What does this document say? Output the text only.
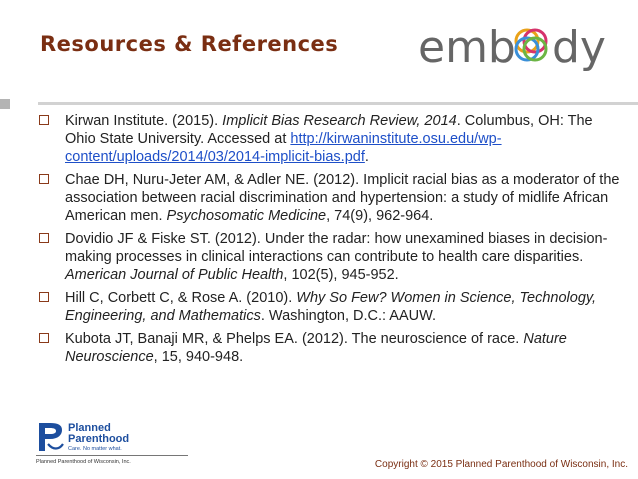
Resources & References emb dy
Kirwan Institute. (2015). Implicit Bias Research Review, 2014. Columbus, OH: The Ohio State University. Accessed at http://kirwaninstitute.osu.edu/wp-content/uploads/2014/03/2014-implicit-bias.pdf.
Chae DH, Nuru-Jeter AM, & Adler NE. (2012). Implicit racial bias as a moderator of the association between racial discrimination and hypertension: a study of midlife African American men. Psychosomatic Medicine, 74(9), 962-964.
Dovidio JF & Fiske ST. (2012). Under the radar: how unexamined biases in decision-making processes in clinical interactions can contribute to health care disparities. American Journal of Public Health, 102(5), 945-952.
Hill C, Corbett C, & Rose A. (2010). Why So Few? Women in Science, Technology, Engineering, and Mathematics. Washington, D.C.: AAUW.
Kubota JT, Banaji MR, & Phelps EA. (2012). The neuroscience of race. Nature Neuroscience, 15, 940-948.
Planned
Parenthood
Care. No matter what.
Planned Parenthood of Wisconsin, Inc.	Copyright © 2015 Planned Parenthood of Wisconsin, Inc.
